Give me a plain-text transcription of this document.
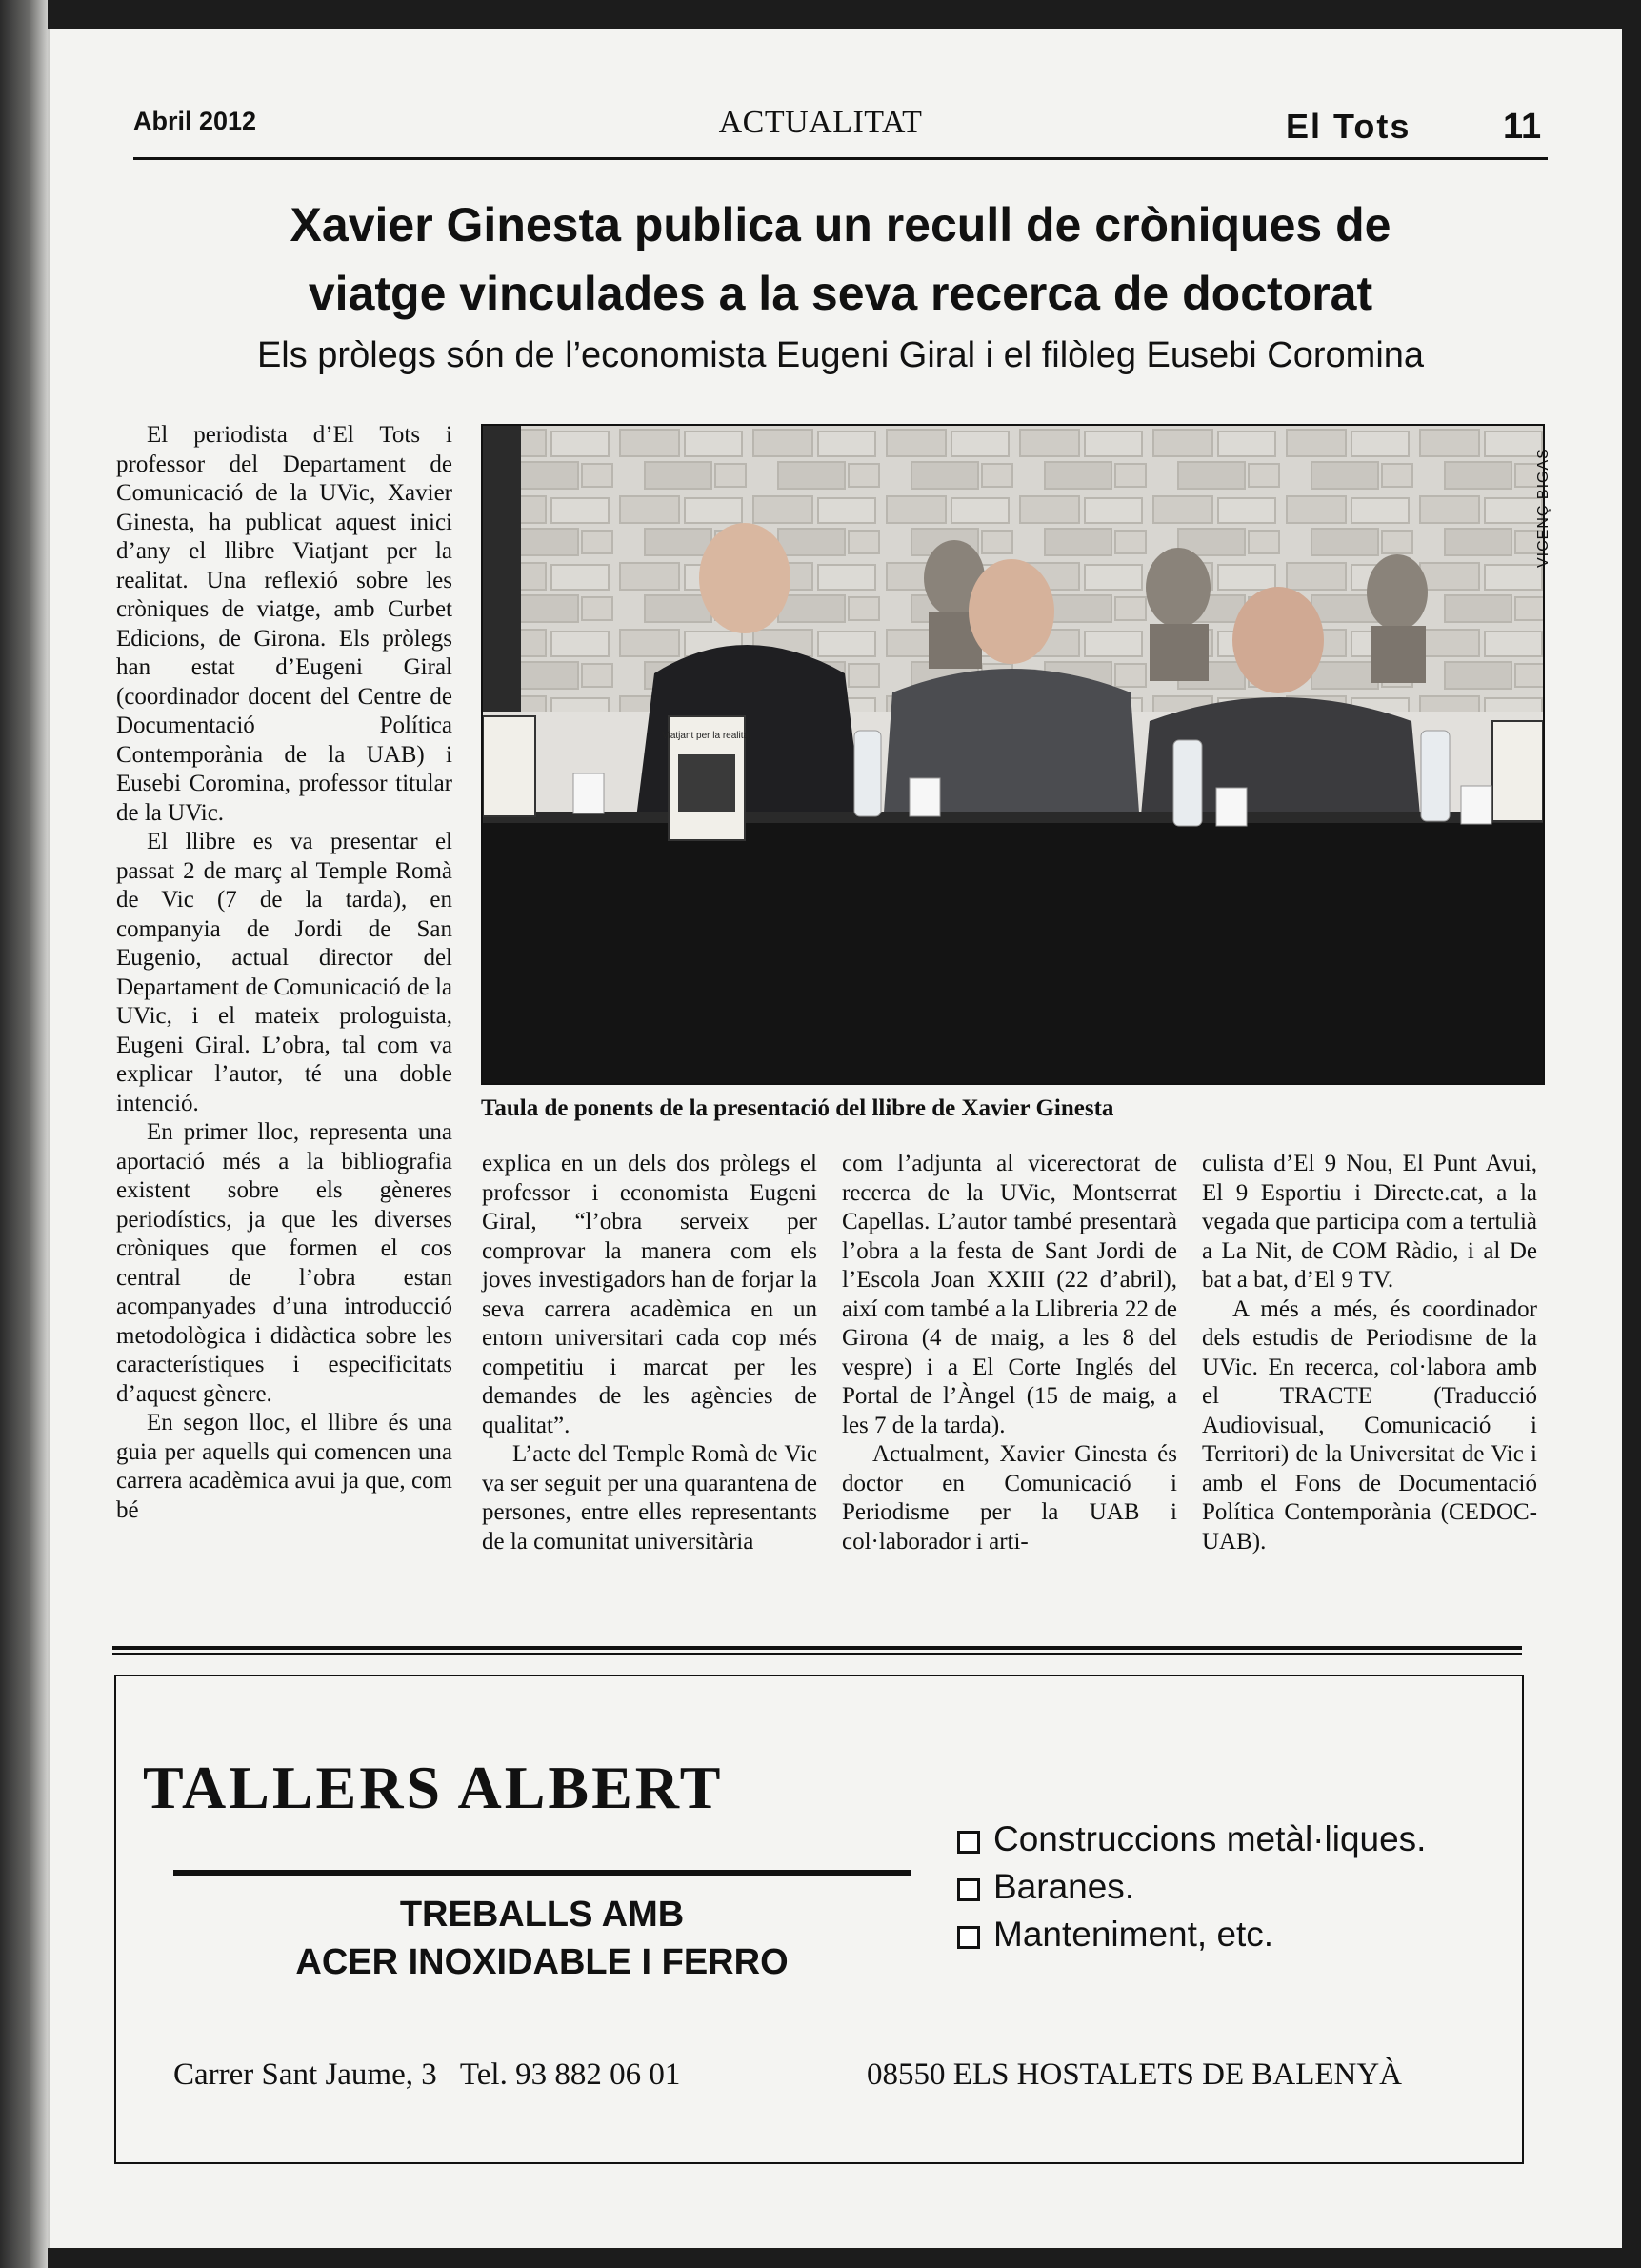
Abril 2012	ACTUALITAT	El Tots	11
Xavier Ginesta publica un recull de cròniques de
viatge vinculades a la seva recerca de doctorat
Els pròlegs són de l’economista Eugeni Giral i el filòleg Eusebi Coromina

El periodista d’El Tots i professor del Departament de Comunicació de la UVic, Xavier Ginesta, ha publicat aquest inici d’any el llibre Viatjant per la realitat. Una reflexió sobre les cròniques de viatge, amb Curbet Edicions, de Girona. Els pròlegs han estat d’Eugeni Giral (coordinador docent del Centre de Documentació Política Contemporània de la UAB) i Eusebi Coromina, professor titular de la UVic.

El llibre es va presentar el passat 2 de març al Temple Romà de Vic (7 de la tarda), en companyia de Jordi de San Eugenio, actual director del Departament de Comunicació de la UVic, i el mateix prologuista, Eugeni Giral. L’obra, tal com va explicar l’autor, té una doble intenció.

En primer lloc, representa una aportació més a la bibliografia existent sobre els gèneres periodístics, ja que les diverses cròniques que formen el cos central de l’obra estan acompanyades d’una introducció metodològica i didàctica sobre les característiques i especificitats d’aquest gènere.

En segon lloc, el llibre és una guia per aquells qui comencen una carrera acadèmica avui ja que, com bé

Viatjant per la realitat
VICENÇ BIGAS
Taula de ponents de la presentació del llibre de Xavier Ginesta

explica en un dels dos pròlegs el professor i economista Eugeni Giral, “l’obra serveix per comprovar la manera com els joves investigadors han de forjar la seva carrera acadèmica en un entorn universitari cada cop més competitiu i marcat per les demandes de les agències de qualitat”.

L’acte del Temple Romà de Vic va ser seguit per una quarantena de persones, entre elles representants de la comunitat universitària

com l’adjunta al vicerectorat de recerca de la UVic, Montserrat Capellas. L’autor també presentarà l’obra a la festa de Sant Jordi de l’Escola Joan XXIII (22 d’abril), així com també a la Llibreria 22 de Girona (4 de maig, a les 8 del vespre) i a El Corte Inglés del Portal de l’Àngel (15 de maig, a les 7 de la tarda).

Actualment, Xavier Ginesta és doctor en Comunicació i Periodisme per la UAB i col·laborador i arti-

culista d’El 9 Nou, El Punt Avui, El 9 Esportiu i Directe.cat, a la vegada que participa com a tertulià a La Nit, de COM Ràdio, i al De bat a bat, d’El 9 TV.

A més a més, és coordinador dels estudis de Periodisme de la UVic. En recerca, col·labora amb el TRACTE (Traducció Audiovisual, Comunicació i Territori) de la Universitat de Vic i amb el Fons de Documentació Política Contemporània (CEDOC-UAB).

TALLERS ALBERT
TREBALLS AMB
ACER INOXIDABLE I FERRO
Construccions metàl·liques.
Baranes.
Manteniment, etc.
Carrer Sant Jaume, 3 Tel. 93 882 06 01	08550 ELS HOSTALETS DE BALENYÀ
